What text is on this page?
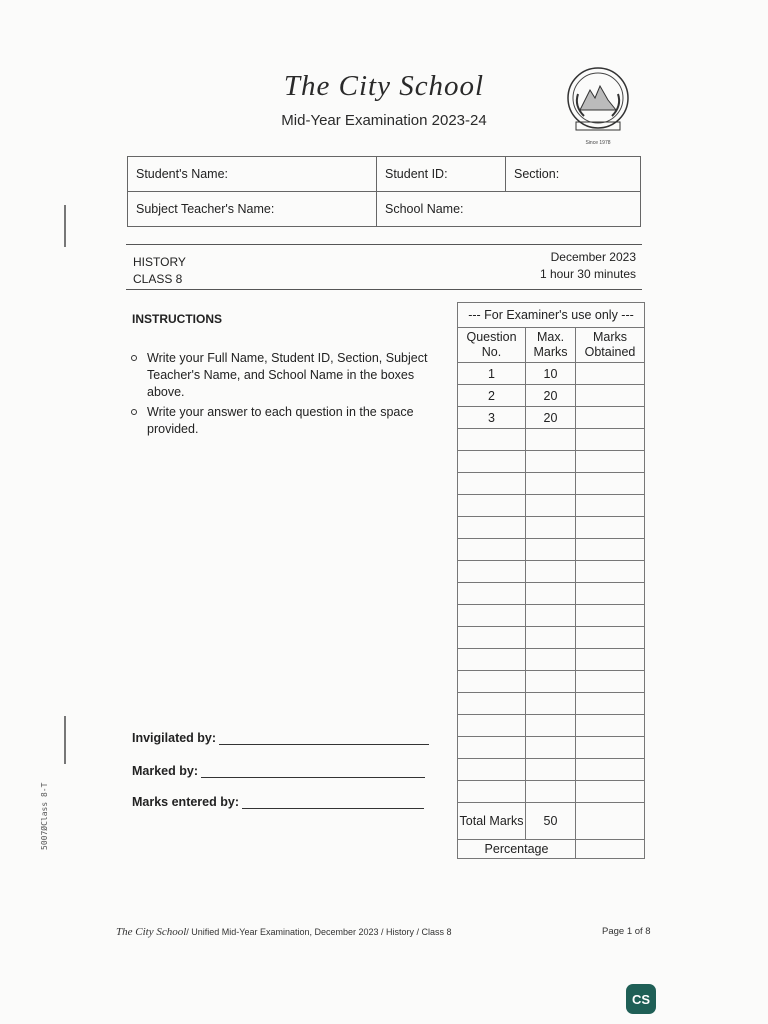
The City School
Mid-Year Examination 2023-24
Since 1978
Student's Name:	Student ID:	Section:
Subject Teacher's Name:	School Name:	
HISTORY
CLASS 8
December 2023
1 hour 30 minutes
INSTRUCTIONS
Write your Full Name, Student ID, Section, Subject Teacher's Name, and School Name in the boxes above.
Write your answer to each question in the space provided.
--- For Examiner's use only ---		
Question No.	Max. Marks	Marks Obtained
1	10	
2	20	
3	20	

Total Marks	50	
Percentage		
Invigilated by:
Marked by:
Marks entered by:
5007ØClass 8-T
The City School/ Unified Mid-Year Examination, December 2023 / History / Class 8	Page 1 of 8
CS
